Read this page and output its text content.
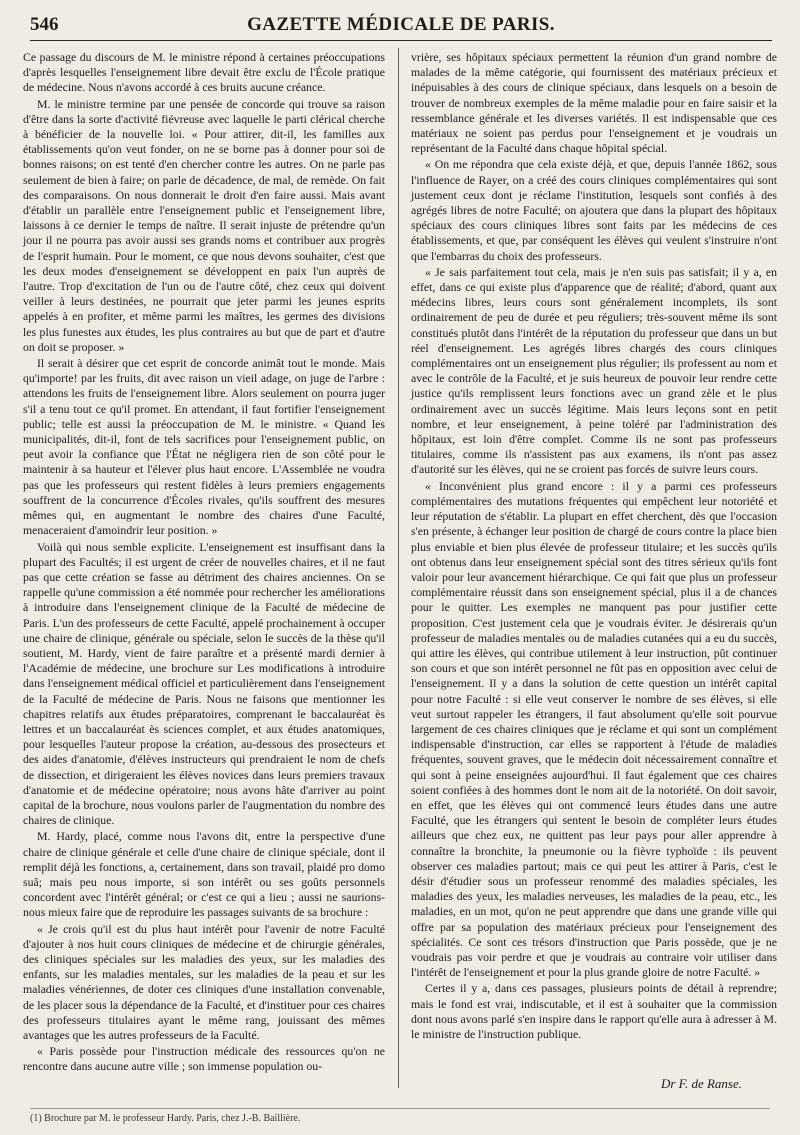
546	GAZETTE MÉDICALE DE PARIS.

Ce passage du discours de M. le ministre répond à certaines préoccupations d'après lesquelles l'enseignement libre devait être exclu de l'École pratique de médecine. Nous n'avons accordé à ces bruits aucune créance.

M. le ministre termine par une pensée de concorde qui trouve sa raison d'être dans la sorte d'activité fiévreuse avec laquelle le parti clérical cherche à bénéficier de la nouvelle loi. « Pour attirer, dit-il, les familles aux établissements qu'on veut fonder, on ne se borne pas à donner pour soi de bonnes raisons; on est tenté d'en chercher contre les autres. On ne parle pas seulement de bien à faire; on parle de décadence, de mal, de remède. On fait des comparaisons. On nous donnerait le droit d'en faire aussi. Mais avant d'établir un parallèle entre l'enseignement public et l'enseignement libre, laissons à ce dernier le temps de naître. Il serait injuste de prétendre qu'un jour il ne pourra pas avoir aussi ses grands noms et contribuer aux progrès de l'esprit humain. Pour le moment, ce que nous devons souhaiter, c'est que les deux modes d'enseignement se développent en paix l'un auprès de l'autre. Trop d'excitation de l'un ou de l'autre côté, chez ceux qui doivent veiller à leurs destinées, ne pourrait que jeter parmi les jeunes esprits appelés à en profiter, et même parmi les maîtres, les germes des divisions les plus funestes aux études, les plus contraires au but que de part et d'autre on doit se proposer. »

Il serait à désirer que cet esprit de concorde animât tout le monde. Mais qu'importe! par les fruits, dit avec raison un vieil adage, on juge de l'arbre : attendons les fruits de l'enseignement libre. Alors seulement on pourra juger s'il a tenu tout ce qu'il promet. En attendant, il faut fortifier l'enseignement public; telle est aussi la préoccupation de M. le ministre. « Quand les municipalités, dit-il, font de tels sacrifices pour l'enseignement public, on peut avoir la confiance que l'État ne négligera rien de son côté pour le maintenir à sa hauteur et l'élever plus haut encore. L'Assemblée ne voudra pas que les professeurs qui restent fidèles à leurs premiers engagements souffrent de la concurrence d'Écoles rivales, qu'ils souffrent des mesures mêmes qui, en augmentant le nombre des chaires d'une Faculté, menaceraient d'amoindrir leur position. »

Voilà qui nous semble explicite. L'enseignement est insuffisant dans la plupart des Facultés; il est urgent de créer de nouvelles chaires, et il ne faut pas que cette création se fasse au détriment des chaires anciennes. On se rappelle qu'une commission a été nommée pour rechercher les améliorations à introduire dans l'enseignement clinique de la Faculté de médecine de Paris. L'un des professeurs de cette Faculté, appelé prochainement à occuper une chaire de clinique, générale ou spéciale, selon le succès de la thèse qu'il soutient, M. Hardy, vient de faire paraître et a présenté mardi dernier à l'Académie de médecine, une brochure sur Les modifications à introduire dans l'enseignement médical officiel et particulièrement dans l'enseignement de la Faculté de médecine de Paris. Nous ne faisons que mentionner les chapitres relatifs aux études préparatoires, comprenant le baccalauréat ès lettres et un baccalauréat ès sciences complet, et aux études anatomiques, pour lesquelles l'auteur propose la création, au-dessous des prosecteurs et des aides d'anatomie, d'élèves instructeurs qui prendraient le nom de chefs de dissection, et dirigeraient les élèves novices dans leurs premiers travaux d'anatomie et de médecine opératoire; nous avons hâte d'arriver au point capital de la brochure, nous voulons parler de l'augmentation du nombre des chaires de clinique.

M. Hardy, placé, comme nous l'avons dit, entre la perspective d'une chaire de clinique générale et celle d'une chaire de clinique spéciale, dont il remplit déjà les fonctions, a, certainement, dans son travail, plaidé pro domo suâ; mais peu nous importe, si son intérêt ou ses goûts personnels concordent avec l'intérêt général; or c'est ce qui a lieu ; aussi ne saurions-nous mieux faire que de reproduire les passages suivants de sa brochure :

« Je crois qu'il est du plus haut intérêt pour l'avenir de notre Faculté d'ajouter à nos huit cours cliniques de médecine et de chirurgie générales, des cliniques spéciales sur les maladies des yeux, sur les maladies des enfants, sur les maladies mentales, sur les maladies de la peau et sur les maladies vénériennes, de doter ces cliniques d'une installation convenable, de les placer sous la dépendance de la Faculté, et d'instituer pour ces chaires des professeurs titulaires ayant le même rang, jouissant des mêmes avantages que les autres professeurs de la Faculté.

« Paris possède pour l'instruction médicale des ressources qu'on ne rencontre dans aucune autre ville ; son immense population ou-

vrière, ses hôpitaux spéciaux permettent la réunion d'un grand nombre de malades de la même catégorie, qui fournissent des matériaux précieux et inépuisables à des cours de clinique spéciaux, dans lesquels on a besoin de trouver de nombreux exemples de la même maladie pour en faire saisir et la ressemblance générale et les diverses variétés. Il est indispensable que ces matériaux ne soient pas perdus pour l'enseignement et je voudrais un représentant de la Faculté dans chaque hôpital spécial.

« On me répondra que cela existe déjà, et que, depuis l'année 1862, sous l'influence de Rayer, on a créé des cours cliniques complémentaires qui sont justement ceux dont je réclame l'institution, lesquels sont confiés à des agrégés libres de notre Faculté; on ajoutera que dans la plupart des hôpitaux spéciaux des cours cliniques libres sont faits par les médecins de ces établissements, et que, par conséquent les élèves qui veulent s'instruire n'ont que l'embarras du choix des professeurs.

« Je sais parfaitement tout cela, mais je n'en suis pas satisfait; il y a, en effet, dans ce qui existe plus d'apparence que de réalité; d'abord, quant aux médecins libres, leurs cours sont généralement incomplets, ils sont ordinairement de peu de durée et peu réguliers; très-souvent même ils sont constitués plutôt dans l'intérêt de la réputation du professeur que dans un but réel d'enseignement. Les agrégés libres chargés des cours cliniques complémentaires ont un enseignement plus régulier; ils professent au nom et avec le contrôle de la Faculté, et je suis heureux de pouvoir leur rendre cette justice qu'ils remplissent leurs fonctions avec un grand zèle et le plus ordinairement avec un succès légitime. Mais leurs leçons sont en petit nombre, et leur enseignement, à peine toléré par l'administration des hôpitaux, est loin d'être complet. Comme ils ne sont pas professeurs titulaires, comme ils n'assistent pas aux examens, ils n'ont pas assez d'autorité sur les élèves, qui ne se croient pas forcés de suivre leurs cours.

« Inconvénient plus grand encore : il y a parmi ces professeurs complémentaires des mutations fréquentes qui empêchent leur notoriété et leur réputation de s'établir. La plupart en effet cherchent, dès que l'occasion s'en présente, à échanger leur position de chargé de cours contre la place bien plus enviable et bien plus élevée de professeur titulaire; et les succès qu'ils ont obtenus dans leur enseignement spécial sont des titres sérieux qu'ils font valoir pour leur avancement hiérarchique. Ce qui fait que plus un professeur complémentaire réussit dans son enseignement spécial, plus il a de chances pour le quitter. Les exemples ne manquent pas pour justifier cette proposition. C'est justement cela que je voudrais éviter. Je désirerais qu'un professeur de maladies mentales ou de maladies cutanées qui a eu du succès, qui attire les élèves, qui contribue utilement à leur instruction, pût continuer son cours et que son intérêt personnel ne fût pas en opposition avec celui de l'enseignement. Il y a dans la solution de cette question un intérêt capital pour notre Faculté : si elle veut conserver le nombre de ses élèves, si elle veut surtout rappeler les étrangers, il faut absolument qu'elle soit pourvue largement de ces chaires cliniques que je réclame et qui sont un complément indispensable d'instruction, car elles se rapportent à l'étude de maladies fréquentes, souvent graves, que le médecin doit nécessairement connaître et qui sont à peine enseignées aujourd'hui. Il faut également que ces chaires soient confiées à des hommes dont le nom ait de la notoriété. On doit savoir, en effet, que les élèves qui ont commencé leurs études dans une autre Faculté, que les étrangers qui sentent le besoin de compléter leurs études ailleurs que chez eux, ne quittent pas leur pays pour aller apprendre à connaître la bronchite, la pneumonie ou la fièvre typhoïde : ils peuvent observer ces maladies partout; mais ce qui peut les attirer à Paris, c'est le désir d'étudier sous un professeur renommé des maladies spéciales, les maladies des yeux, les maladies nerveuses, les maladies de la peau, etc., les maladies, en un mot, qu'on ne peut apprendre que dans une grande ville qui offre par sa population des matériaux précieux pour l'enseignement des spécialités. Ce sont ces trésors d'instruction que Paris possède, que je ne voudrais pas voir perdre et que je voudrais au contraire voir utiliser dans l'intérêt de l'enseignement et pour la plus grande gloire de notre Faculté. »

Certes il y a, dans ces passages, plusieurs points de détail à reprendre; mais le fond est vrai, indiscutable, et il est à souhaiter que la commission dont nous avons parlé s'en inspire dans le rapport qu'elle aura à adresser à M. le ministre de l'instruction publique.

Dr F. de Ranse.
(1) Brochure par M. le professeur Hardy. Paris, chez J.-B. Baillière.
